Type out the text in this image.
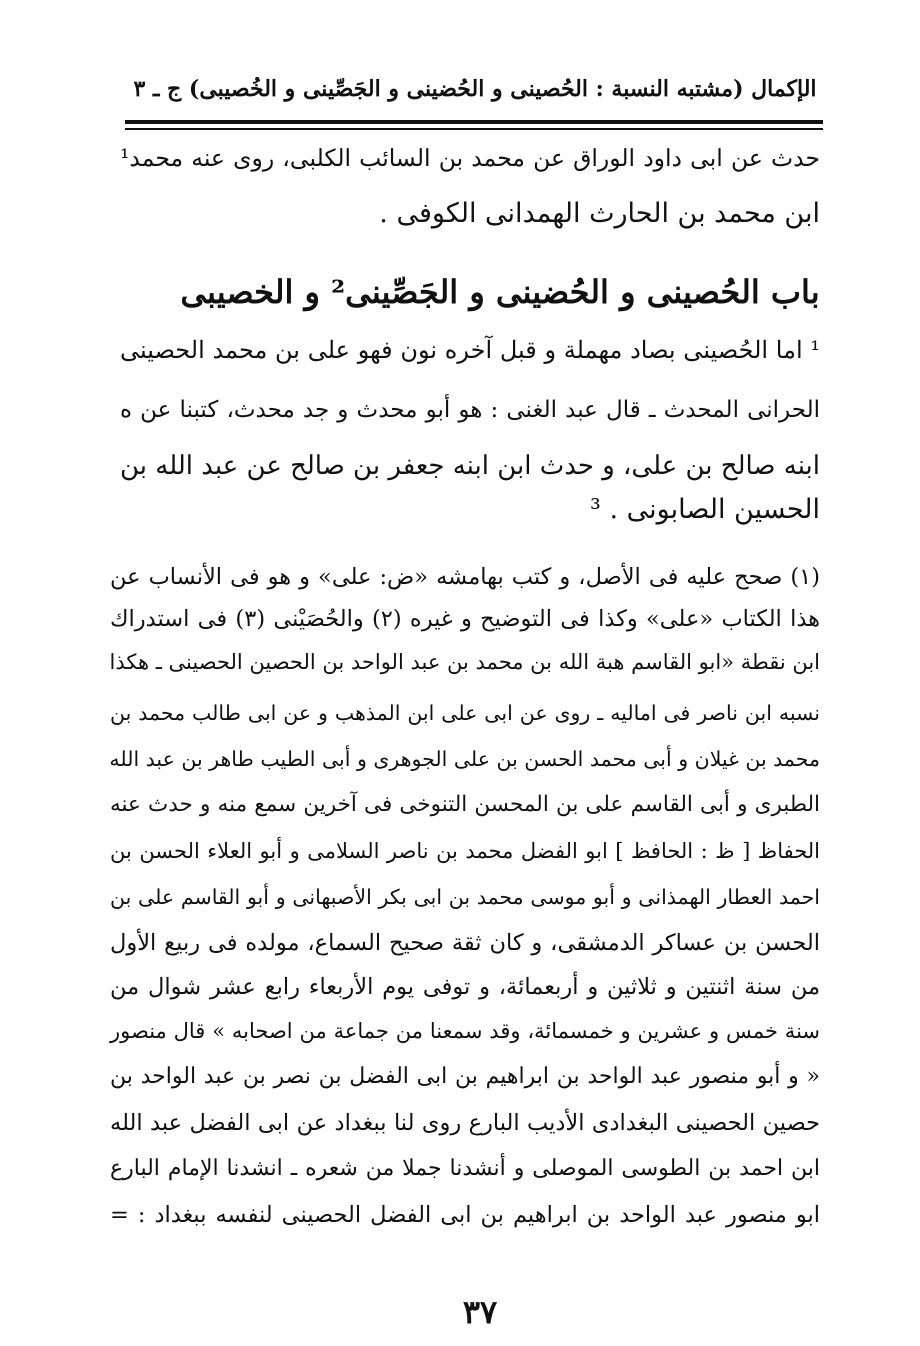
الإكمال (مشتبه النسبة : الحُصينى و الحُضينى و الجَصِّينى و الخُصيبى) ج ـ ٣
حدث عن ابى داود الوراق عن محمد بن السائب الكلبى، روى عنه محمد¹
ابن محمد بن الحارث الهمدانى الكوفى .
باب الحُصينى و الحُضينى و الجَصِّينى² و الخصيبى
¹ اما الحُصينى بصاد مهملة و قبل آخره نون فهو على بن محمد الحصينى
الحرانى المحدث ـ قال عبد الغنى : هو أبو محدث و جد محدث، كتبنا عن ه
ابنه صالح بن على، و حدث ابن ابنه جعفر بن صالح عن عبد الله بن
الحسين الصابونى . ³
(١) صحح عليه فى الأصل، و كتب بهامشه «ض: على» و هو فى الأنساب عن
هذا الكتاب «على» وكذا فى التوضيح و غيره (٢) والحُصَيْنى (٣) فى استدراك
ابن نقطة «ابو القاسم هبة الله بن محمد بن عبد الواحد بن الحصين الحصينى ـ هكذا
نسبه ابن ناصر فى اماليه ـ روى عن ابى على ابن المذهب و عن ابى طالب محمد بن
محمد بن غيلان و أبى محمد الحسن بن على الجوهرى و أبى الطيب طاهر بن عبد الله
الطبرى و أبى القاسم على بن المحسن التنوخى فى آخرين سمع منه و حدث عنه
الحفاظ [ ظ : الحافظ ] ابو الفضل محمد بن ناصر السلامى و أبو العلاء الحسن بن
احمد العطار الهمذانى و أبو موسى محمد بن ابى بكر الأصبهانى و أبو القاسم على بن
الحسن بن عساكر الدمشقى، و كان ثقة صحيح السماع، مولده فى ربيع الأول
من سنة اثنتين و ثلاثين و أربعمائة، و توفى يوم الأربعاء رابع عشر شوال من
سنة خمس و عشرين و خمسمائة، وقد سمعنا من جماعة من اصحابه » قال منصور
« و أبو منصور عبد الواحد بن ابراهيم بن ابى الفضل بن نصر بن عبد الواحد بن
حصين الحصينى البغدادى الأديب البارع روى لنا ببغداد عن ابى الفضل عبد الله
ابن احمد بن الطوسى الموصلى و أنشدنا جملا من شعره ـ انشدنا الإمام البارع
ابو منصور عبد الواحد بن ابراهيم بن ابى الفضل الحصينى لنفسه ببغداد : =
٣٧
